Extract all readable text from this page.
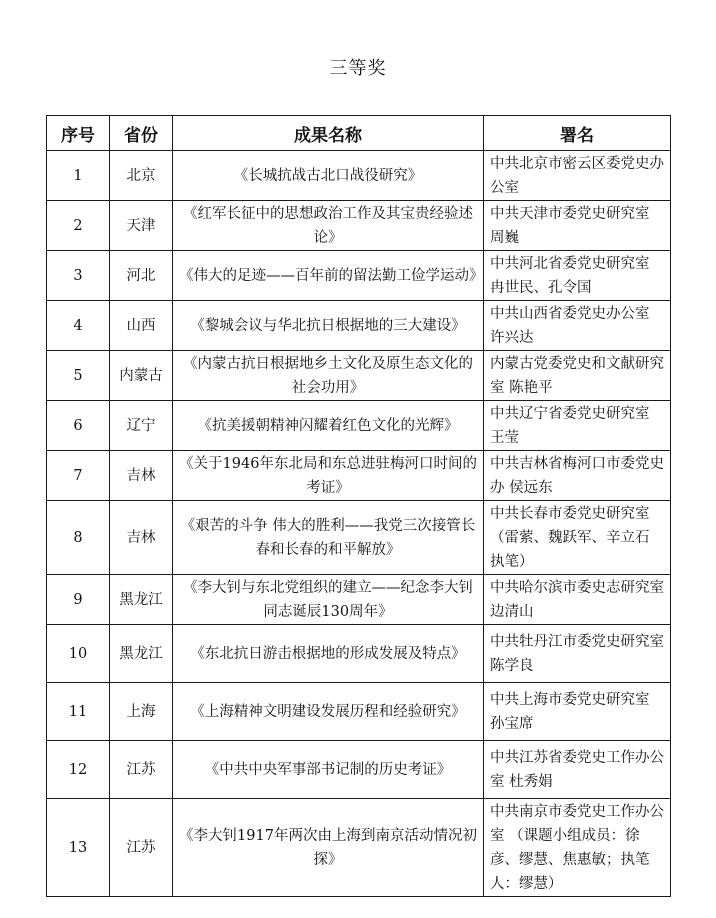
三等奖
序号	省份	成果名称	署名
1	北京	《长城抗战古北口战役研究》	中共北京市密云区委党史办公室
2	天津	《红军长征中的思想政治工作及其宝贵经验述论》	中共天津市委党史研究室 周巍
3	河北	《伟大的足迹——百年前的留法勤工俭学运动》	中共河北省委党史研究室 冉世民、孔令国
4	山西	《黎城会议与华北抗日根据地的三大建设》	中共山西省委党史办公室 许兴达
5	内蒙古	《内蒙古抗日根据地乡土文化及原生态文化的社会功用》	内蒙古党委党史和文献研究室 陈艳平
6	辽宁	《抗美援朝精神闪耀着红色文化的光辉》	中共辽宁省委党史研究室 王莹
7	吉林	《关于1946年东北局和东总进驻梅河口时间的考证》	中共吉林省梅河口市委党史办 侯远东
8	吉林	《艰苦的斗争 伟大的胜利——我党三次接管长春和长春的和平解放》	中共长春市委党史研究室（雷萦、魏跃军、辛立石 执笔）
9	黑龙江	《李大钊与东北党组织的建立——纪念李大钊同志诞辰130周年》	中共哈尔滨市委史志研究室 边清山
10	黑龙江	《东北抗日游击根据地的形成发展及特点》	中共牡丹江市委党史研究室 陈学良
11	上海	《上海精神文明建设发展历程和经验研究》	中共上海市委党史研究室 孙宝席
12	江苏	《中共中央军事部书记制的历史考证》	中共江苏省委党史工作办公室 杜秀娟
13	江苏	《李大钊1917年两次由上海到南京活动情况初探》	中共南京市委党史工作办公室 （课题小组成员：徐彦、缪慧、焦惠敏；执笔人：缪慧）
